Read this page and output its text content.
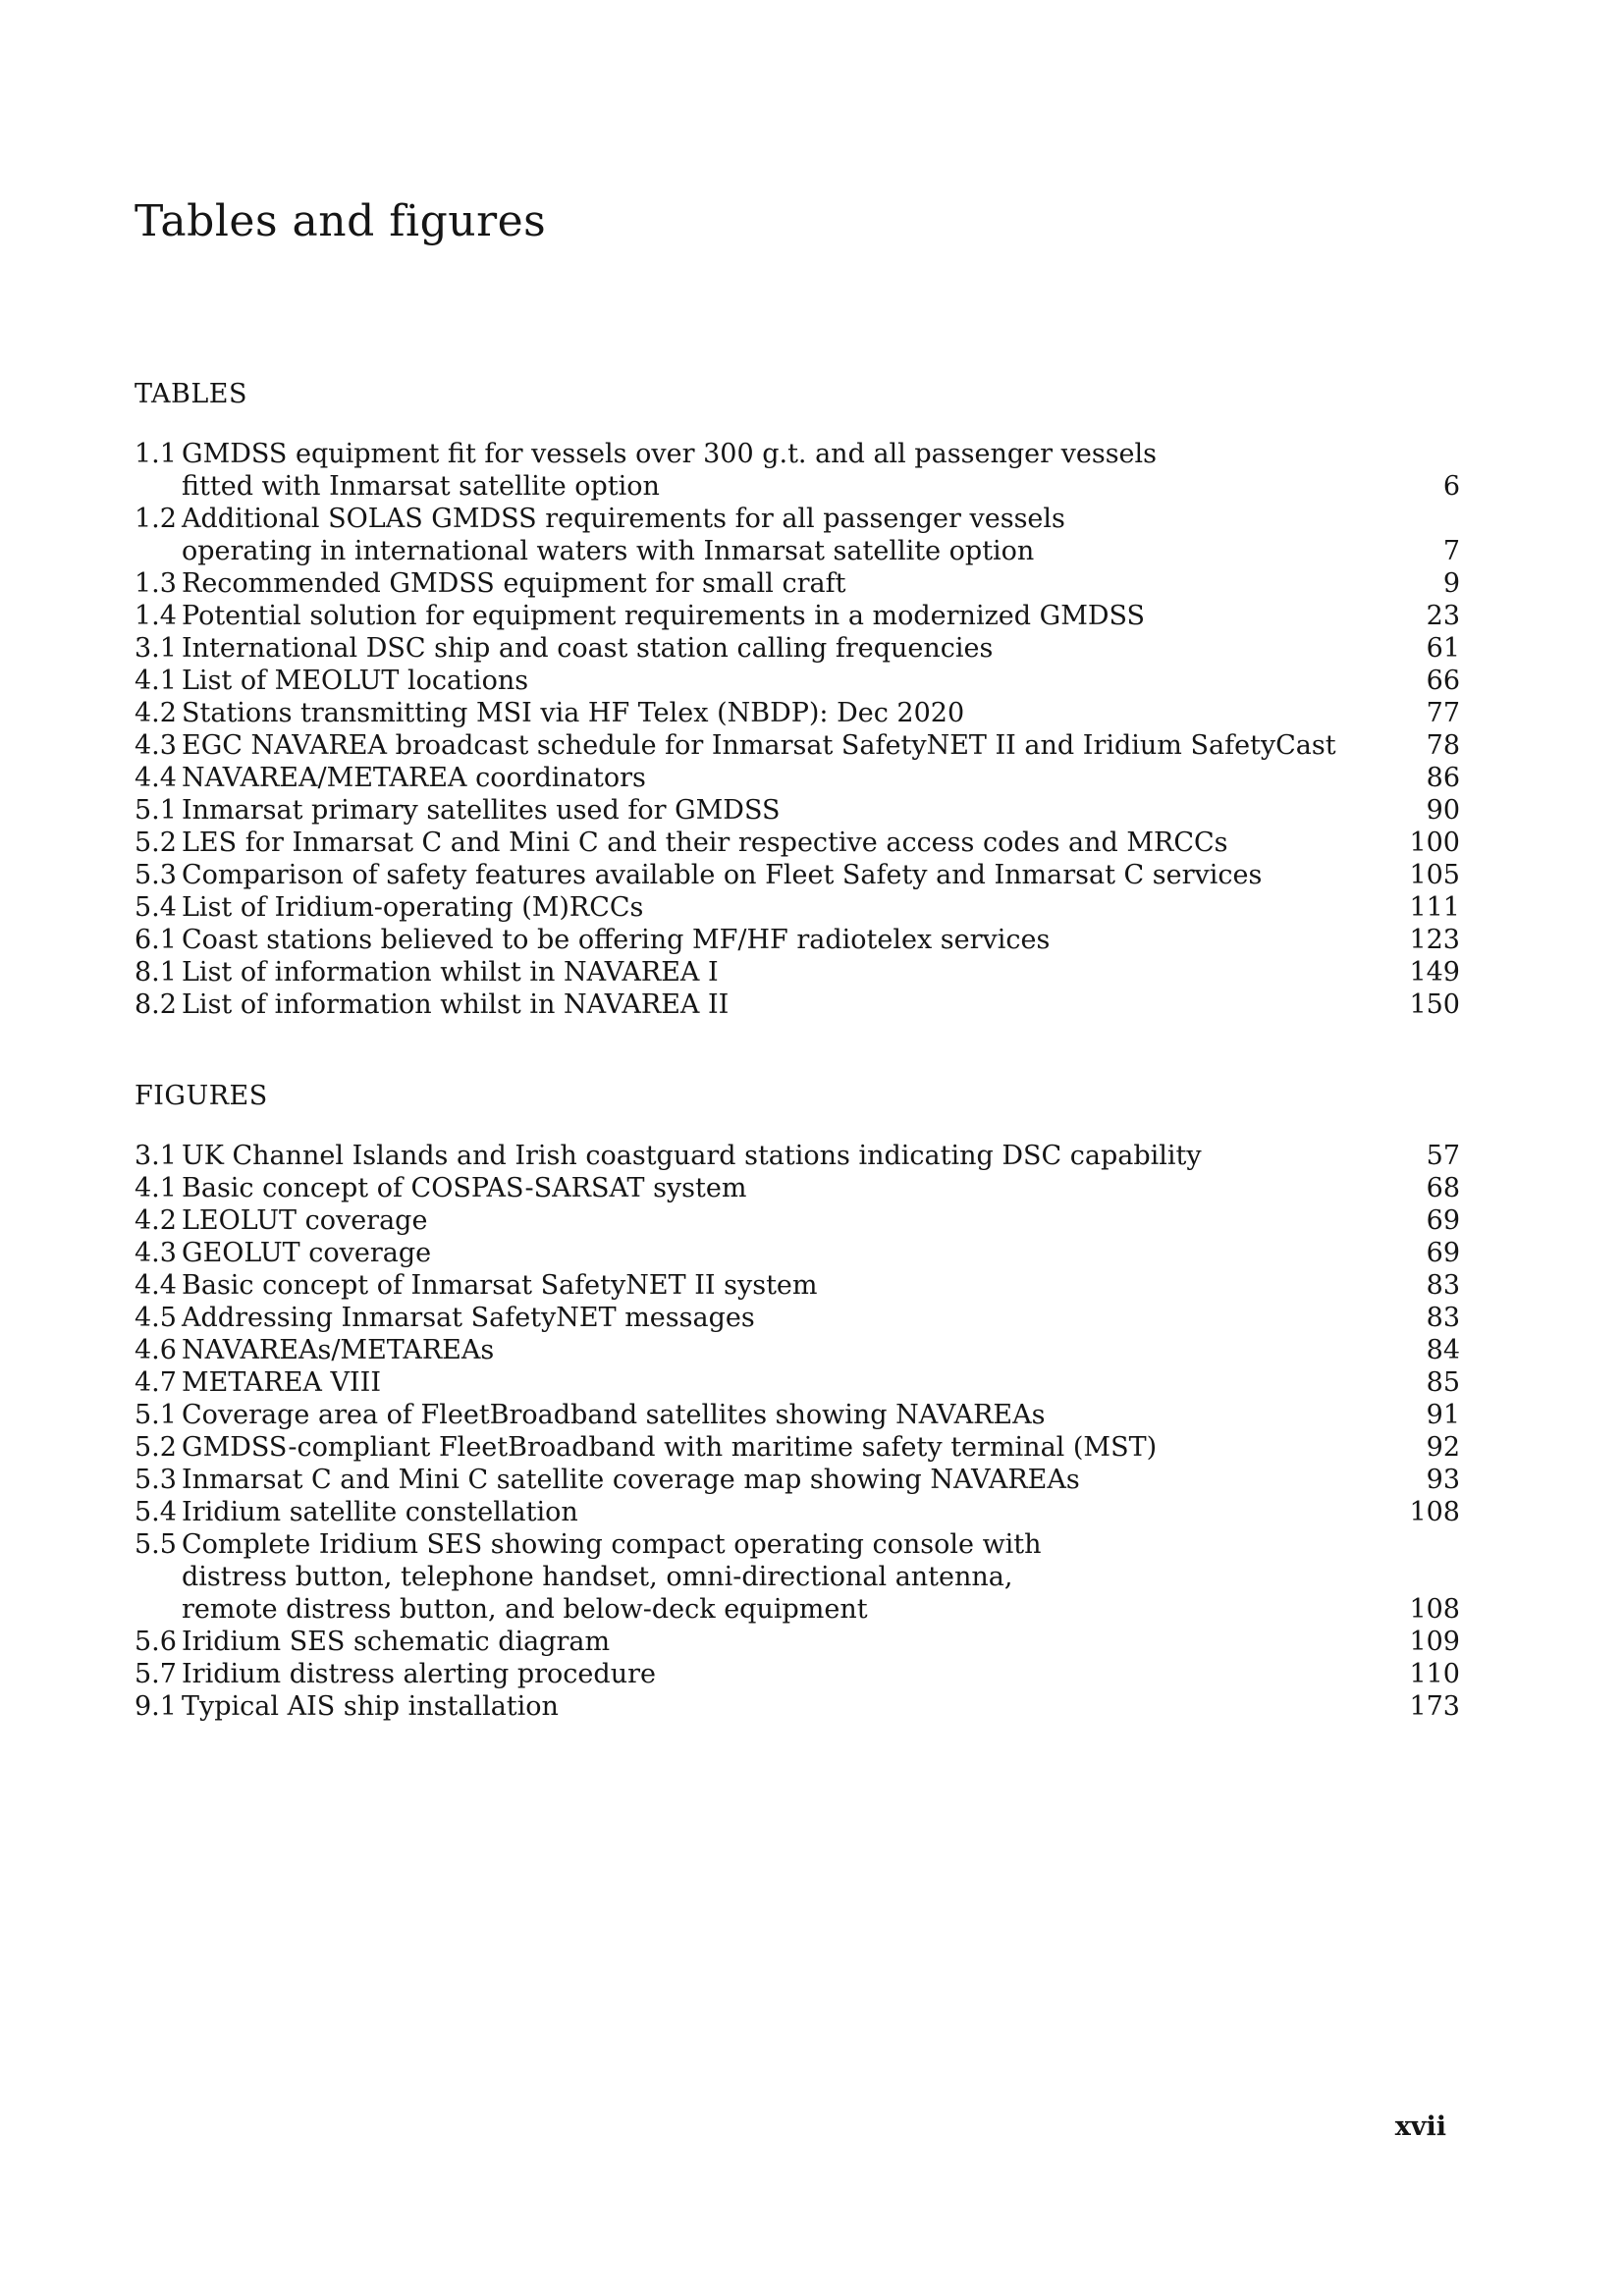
Tables and figures
TABLES
1.1 GMDSS equipment fit for vessels over 300 g.t. and all passenger vessels
fitted with Inmarsat satellite option	6
1.2 Additional SOLAS GMDSS requirements for all passenger vessels
operating in international waters with Inmarsat satellite option	7
1.3 Recommended GMDSS equipment for small craft	9
1.4 Potential solution for equipment requirements in a modernized GMDSS	23
3.1 International DSC ship and coast station calling frequencies	61
4.1 List of MEOLUT locations	66
4.2 Stations transmitting MSI via HF Telex (NBDP): Dec 2020	77
4.3 EGC NAVAREA broadcast schedule for Inmarsat SafetyNET II and Iridium SafetyCast	78
4.4 NAVAREA/METAREA coordinators	86
5.1 Inmarsat primary satellites used for GMDSS	90
5.2 LES for Inmarsat C and Mini C and their respective access codes and MRCCs	100
5.3 Comparison of safety features available on Fleet Safety and Inmarsat C services	105
5.4 List of Iridium-operating (M)RCCs	111
6.1 Coast stations believed to be offering MF/HF radiotelex services	123
8.1 List of information whilst in NAVAREA I	149
8.2 List of information whilst in NAVAREA II	150
FIGURES
3.1 UK Channel Islands and Irish coastguard stations indicating DSC capability	57
4.1 Basic concept of COSPAS-SARSAT system	68
4.2 LEOLUT coverage	69
4.3 GEOLUT coverage	69
4.4 Basic concept of Inmarsat SafetyNET II system	83
4.5 Addressing Inmarsat SafetyNET messages	83
4.6 NAVAREAs/METAREAs	84
4.7 METAREA VIII	85
5.1 Coverage area of FleetBroadband satellites showing NAVAREAs	91
5.2 GMDSS-compliant FleetBroadband with maritime safety terminal (MST)	92
5.3 Inmarsat C and Mini C satellite coverage map showing NAVAREAs	93
5.4 Iridium satellite constellation	108
5.5 Complete Iridium SES showing compact operating console with
distress button, telephone handset, omni-directional antenna,
remote distress button, and below-deck equipment	108
5.6 Iridium SES schematic diagram	109
5.7 Iridium distress alerting procedure	110
9.1 Typical AIS ship installation	173
xvii
